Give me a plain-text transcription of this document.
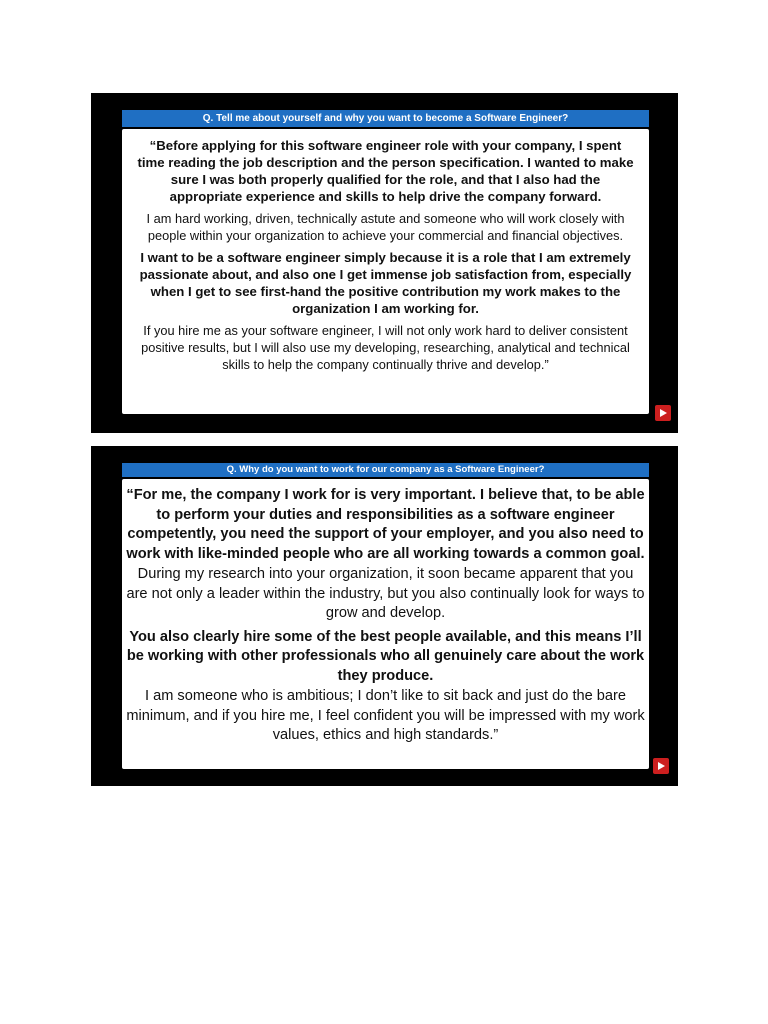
Q. Tell me about yourself and why you want to become a Software Engineer?

“Before applying for this software engineer role with your company, I spent time reading the job description and the person specification. I wanted to make sure I was both properly qualified for the role, and that I also had the appropriate experience and skills to help drive the company forward.

I am hard working, driven, technically astute and someone who will work closely with people within your organization to achieve your commercial and financial objectives.

I want to be a software engineer simply because it is a role that I am extremely passionate about, and also one I get immense job satisfaction from, especially when I get to see first-hand the positive contribution my work makes to the organization I am working for.

If you hire me as your software engineer, I will not only work hard to deliver consistent positive results, but I will also use my developing, researching, analytical and technical skills to help the company continually thrive and develop.”

Q. Why do you want to work for our company as a Software Engineer?

“For me, the company I work for is very important. I believe that, to be able to perform your duties and responsibilities as a software engineer competently, you need the support of your employer, and you also need to work with like-minded people who are all working towards a common goal.

During my research into your organization, it soon became apparent that you are not only a leader within the industry, but you also continually look for ways to grow and develop.

You also clearly hire some of the best people available, and this means I’ll be working with other professionals who all genuinely care about the work they produce.

I am someone who is ambitious; I don’t like to sit back and just do the bare minimum, and if you hire me, I feel confident you will be impressed with my work values, ethics and high standards.”
